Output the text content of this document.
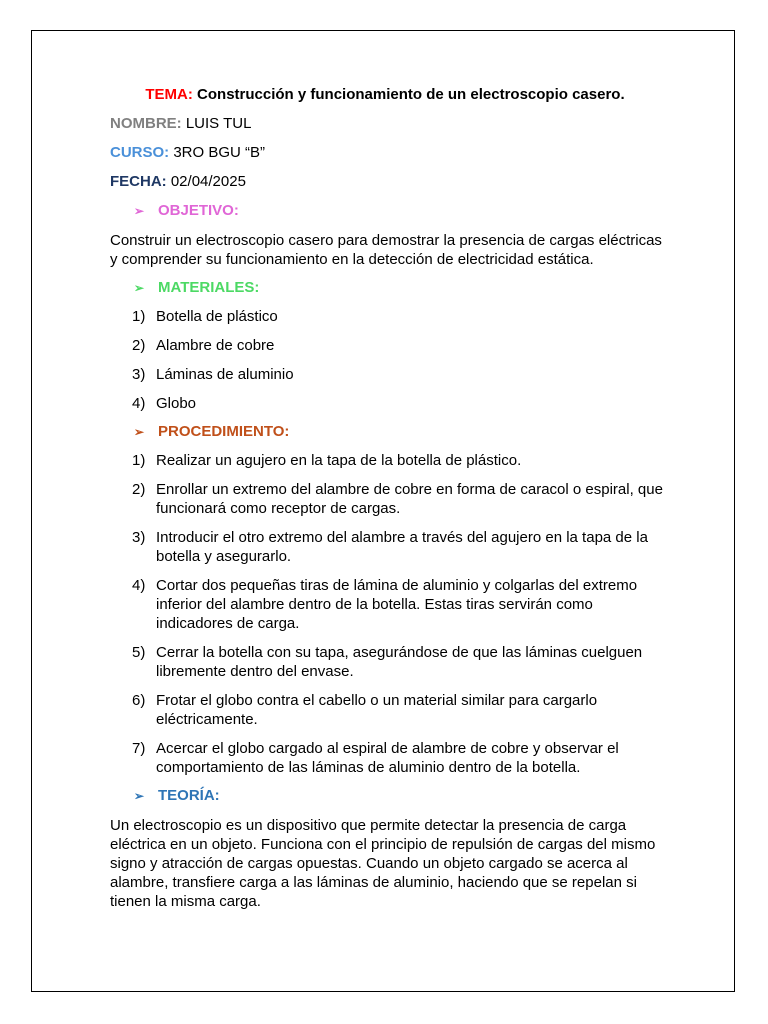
TEMA: Construcción y funcionamiento de un electroscopio casero.
NOMBRE: LUIS TUL
CURSO: 3RO BGU “B”
FECHA: 02/04/2025
➢ OBJETIVO:
Construir un electroscopio casero para demostrar la presencia de cargas eléctricas y comprender su funcionamiento en la detección de electricidad estática.
➢ MATERIALES:
1) Botella de plástico
2) Alambre de cobre
3) Láminas de aluminio
4) Globo
➢ PROCEDIMIENTO:
1) Realizar un agujero en la tapa de la botella de plástico.
2) Enrollar un extremo del alambre de cobre en forma de caracol o espiral, que funcionará como receptor de cargas.
3) Introducir el otro extremo del alambre a través del agujero en la tapa de la botella y asegurarlo.
4) Cortar dos pequeñas tiras de lámina de aluminio y colgarlas del extremo inferior del alambre dentro de la botella. Estas tiras servirán como indicadores de carga.
5) Cerrar la botella con su tapa, asegurándose de que las láminas cuelguen libremente dentro del envase.
6) Frotar el globo contra el cabello o un material similar para cargarlo eléctricamente.
7) Acercar el globo cargado al espiral de alambre de cobre y observar el comportamiento de las láminas de aluminio dentro de la botella.
➢ TEORÍA:
Un electroscopio es un dispositivo que permite detectar la presencia de carga eléctrica en un objeto. Funciona con el principio de repulsión de cargas del mismo signo y atracción de cargas opuestas. Cuando un objeto cargado se acerca al alambre, transfiere carga a las láminas de aluminio, haciendo que se repelan si tienen la misma carga.
